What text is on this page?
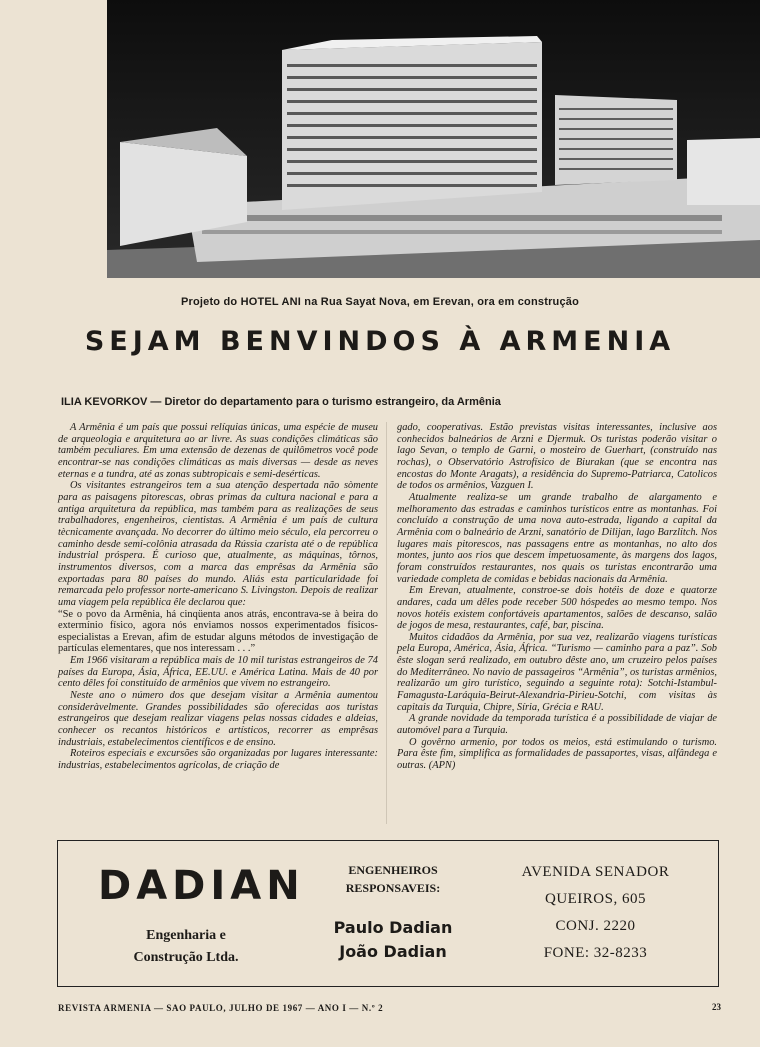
Projeto do HOTEL ANI na Rua Sayat Nova, em Erevan, ora em construção
SEJAM BENVINDOS À ARMENIA
ILIA KEVORKOV — Diretor do departamento para o turismo estrangeiro, da Armênia

A Armênia é um país que possui relíquias únicas, uma espécie de museu de arqueologia e arquitetura ao ar livre. As suas condições climáticas são também peculiares. Em uma extensão de dezenas de quilômetros você pode encontrar-se nas condições climáticas as mais diversas — desde as neves eternas e a tundra, até as zonas subtropicais e semi-desérticas.

Os visitantes estrangeiros tem a sua atenção despertada não sòmente para as paisagens pitorescas, obras primas da cultura nacional e para a antiga arquitetura da república, mas também para as realizações de seus trabalhadores, engenheiros, cientistas. A Armênia é um país de cultura tècnicamente avançada. No decorrer do último meio século, ela percorreu o caminho desde semi-colônia atrasada da Rússia czarista até o de república industrial próspera. É curioso que, atualmente, as máquinas, tôrnos, instrumentos diversos, com a marca das emprêsas da Armênia são exportadas para 80 países do mundo. Aliás esta particularidade foi remarcada pelo professor norte-americano S. Livingston. Depois de realizar uma viagem pela república êle declarou que:

“Se o povo da Armênia, há cinqüenta anos atrás, encontrava-se à beira do extermínio físico, agora nós enviamos nossos experimentados físicos-especialistas a Erevan, afim de estudar alguns métodos de investigação de partículas elementares, que nos interessam . . .”

Em 1966 visitaram a república mais de 10 mil turistas estrangeiros de 74 países da Europa, Ásia, África, EE.UU. e América Latina. Mais de 40 por cento dêles foi constituído de armênios que vivem no estrangeiro.

Neste ano o número dos que desejam visitar a Armênia aumentou consideràvelmente. Grandes possibilidades são oferecidas aos turistas estrangeiros que desejam realizar viagens pelas nossas cidades e aldeias, conhecer os recantos históricos e artísticos, recorrer as emprêsas industriais, estabelecimentos científicos e de ensino.

Roteiros especiais e excursões são organizadas por lugares interessante: industrias, estabelecimentos agrícolas, de criação de

gado, cooperativas. Estão previstas visitas interessantes, inclusive aos conhecidos balneários de Arzni e Djermuk. Os turistas poderão visitar o lago Sevan, o templo de Garni, o mosteiro de Guerhart, (construído nas rochas), o Observatório Astrofísico de Biurakan (que se encontra nas encostas do Monte Aragats), a residência do Supremo-Patriarca, Catolicos de todos os armênios, Vazguen I.

Atualmente realiza-se um grande trabalho de alargamento e melhoramento das estradas e caminhos turísticos entre as montanhas. Foi concluído a construção de uma nova auto-estrada, ligando a capital da Armênia com o balneário de Arzni, sanatório de Dilijan, lago Barzlitch. Nos lugares mais pitorescos, nas passagens entre as montanhas, no alto dos montes, junto aos rios que descem impetuosamente, às margens dos lagos, foram construídos restaurantes, nos quais os turistas encontrarão uma variedade completa de comidas e bebidas nacionais da Armênia.

Em Erevan, atualmente, constroe-se dois hotéis de doze e quatorze andares, cada um dêles pode receber 500 hóspedes ao mesmo tempo. Nos novos hotéis existem confortáveis apartamentos, salões de descanso, salão de jogos de mesa, restaurantes, café, bar, piscina.

Muitos cidadãos da Armênia, por sua vez, realizarão viagens turísticas pela Europa, América, Ásia, África. “Turismo — caminho para a paz”. Sob êste slogan será realizado, em outubro dêste ano, um cruzeiro pelos países do Mediterrâneo. No navio de passageiros “Armênia”, os turistas armênios, realizarão um giro turístico, seguindo a seguinte rota): Sotchi-Istambul-Famagusta-Laráquia-Beirut-Alexandria-Pirieu-Sotchi, com visitas às capitais da Turquia, Chipre, Síria, Grécia e RAU.

A grande novidade da temporada turística é a possibilidade de viajar de automóvel para a Turquia.

O govêrno armenio, por todos os meios, está estimulando o turismo. Para êste fim, simplifica as formalidades de passaportes, visas, alfândega e outras. (APN)

DADIAN
Engenharia e
Construção Ltda.
ENGENHEIROS
RESPONSAVEIS:
Paulo Dadian
João Dadian
AVENIDA SENADOR
QUEIROS, 605
CONJ. 2220
FONE: 32-8233
REVISTA ARMENIA — SAO PAULO, JULHO DE 1967 — ANO I — N.º 2	23
